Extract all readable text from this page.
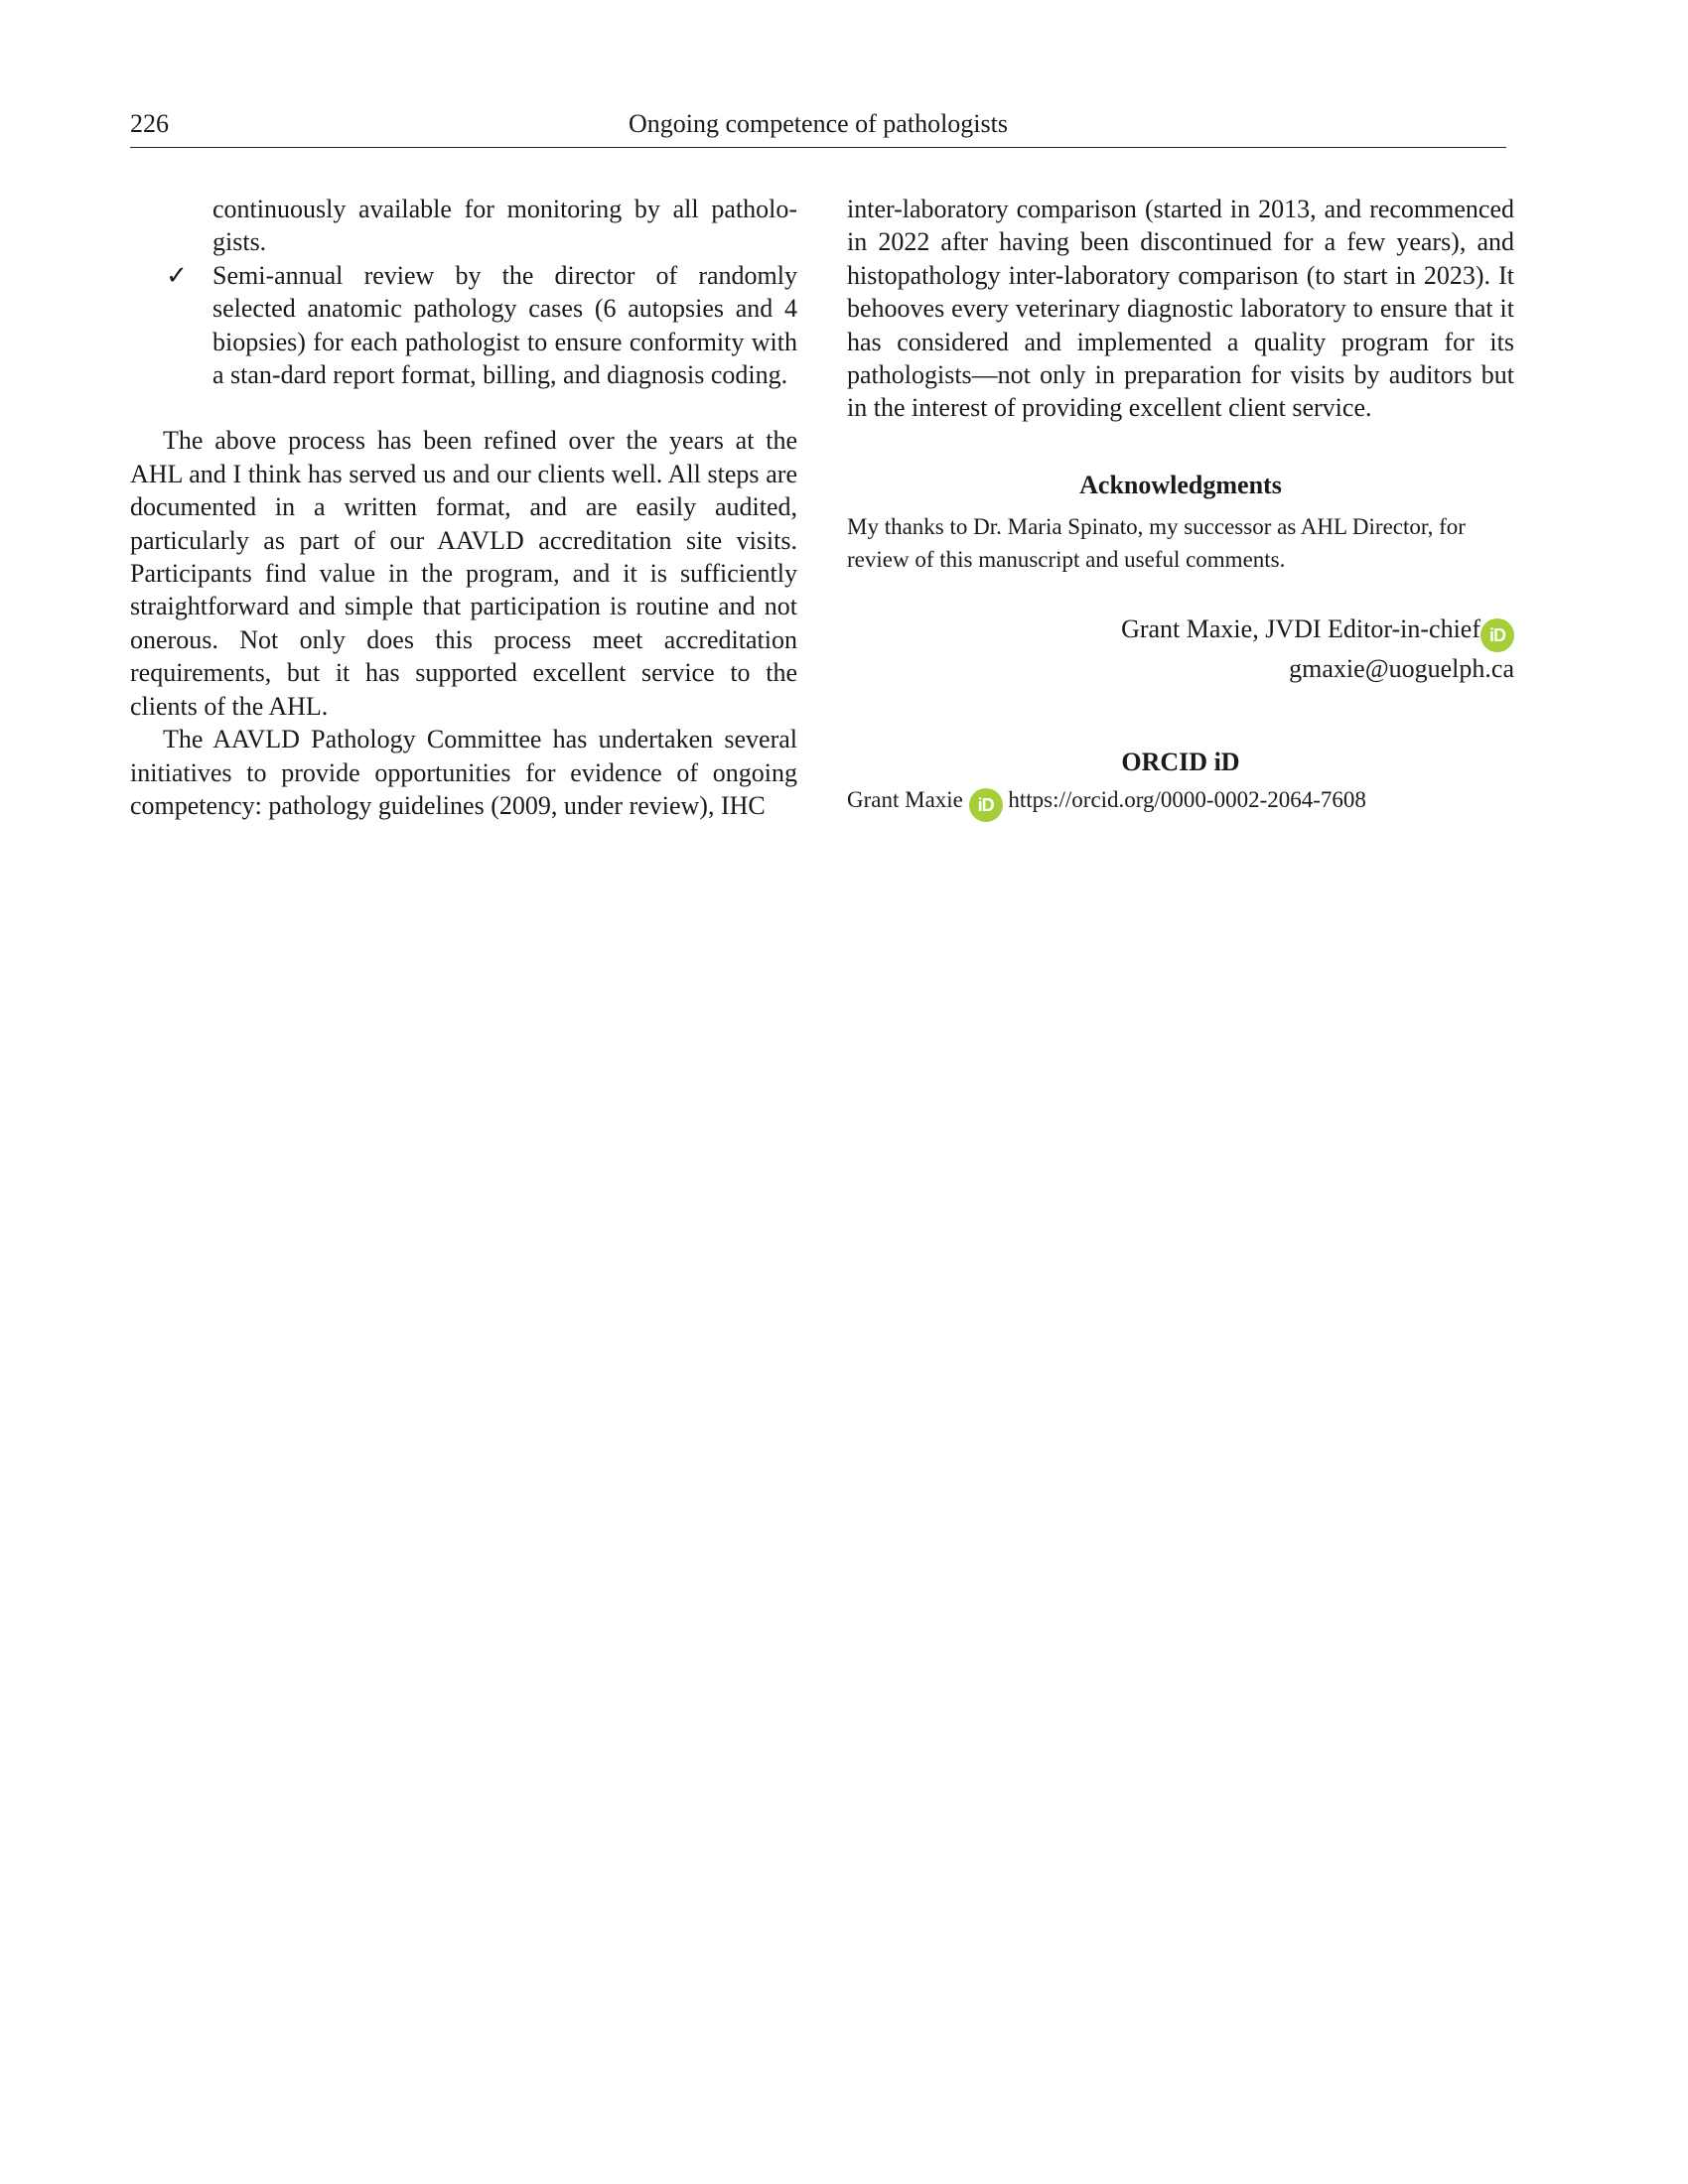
226	Ongoing competence of pathologists

continuously available for monitoring by all patholo-gists.

✓ Semi-annual review by the director of randomly selected anatomic pathology cases (6 autopsies and 4 biopsies) for each pathologist to ensure conformity with a stan-dard report format, billing, and diagnosis coding.

The above process has been refined over the years at the AHL and I think has served us and our clients well. All steps are documented in a written format, and are easily audited, particularly as part of our AAVLD accreditation site visits. Participants find value in the program, and it is sufficiently straightforward and simple that participation is routine and not onerous. Not only does this process meet accreditation requirements, but it has supported excellent service to the clients of the AHL.

The AAVLD Pathology Committee has undertaken several initiatives to provide opportunities for evidence of ongoing competency: pathology guidelines (2009, under review), IHC

inter-laboratory comparison (started in 2013, and recommenced in 2022 after having been discontinued for a few years), and histopathology inter-laboratory comparison (to start in 2023). It behooves every veterinary diagnostic laboratory to ensure that it has considered and implemented a quality program for its pathologists—not only in preparation for visits by auditors but in the interest of providing excellent client service.

Acknowledgments

My thanks to Dr. Maria Spinato, my successor as AHL Director, for review of this manuscript and useful comments.

Grant Maxie, JVDI Editor-in-chief iD
gmaxie@uoguelph.ca
ORCID iD
Grant Maxie iD https://orcid.org/0000-0002-2064-7608
